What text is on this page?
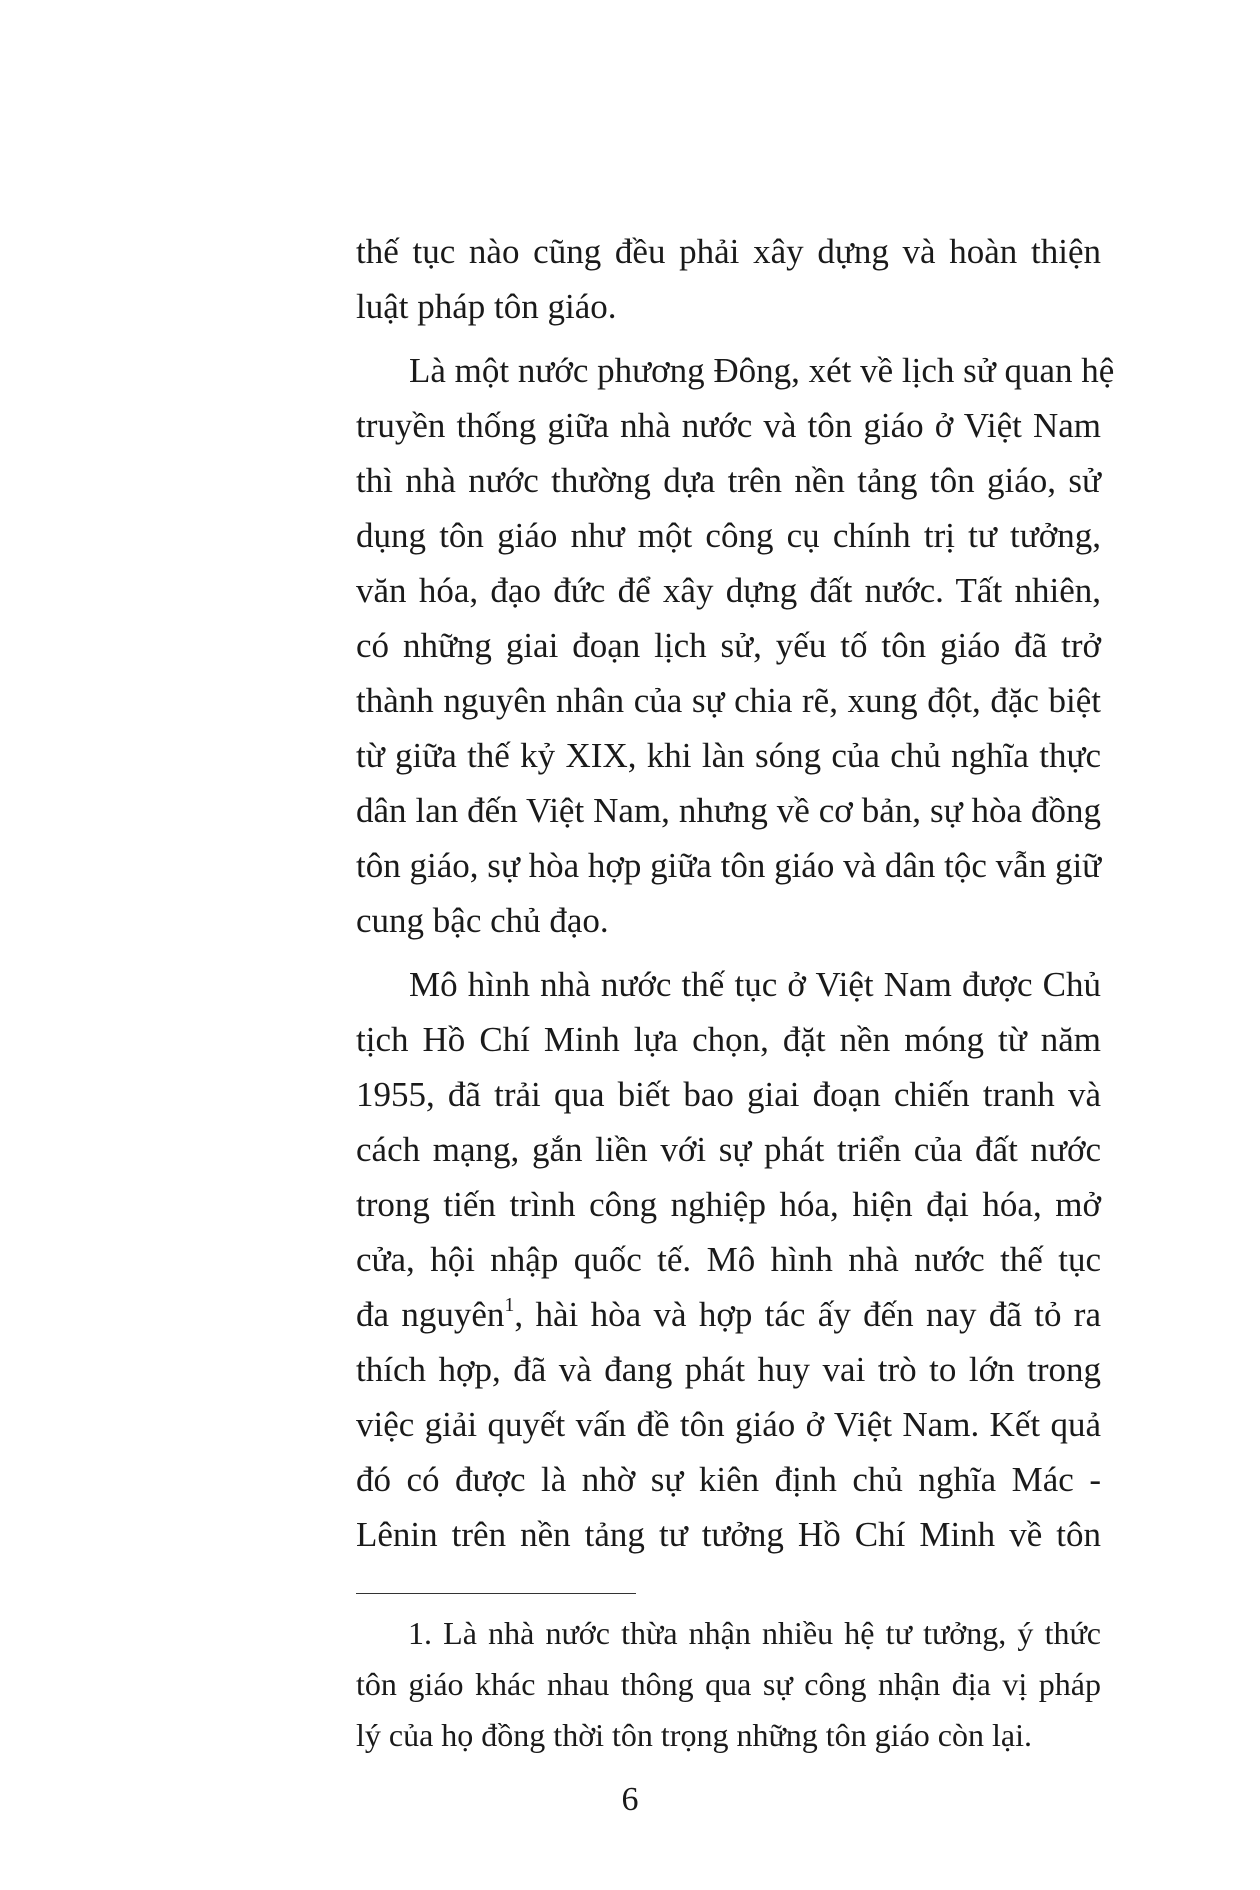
thế tục nào cũng đều phải xây dựng và hoàn thiện
luật pháp tôn giáo.
Là một nước phương Đông, xét về lịch sử quan hệ
truyền thống giữa nhà nước và tôn giáo ở Việt Nam
thì nhà nước thường dựa trên nền tảng tôn giáo, sử
dụng tôn giáo như một công cụ chính trị tư tưởng,
văn hóa, đạo đức để xây dựng đất nước. Tất nhiên,
có những giai đoạn lịch sử, yếu tố tôn giáo đã trở
thành nguyên nhân của sự chia rẽ, xung đột, đặc biệt
từ giữa thế kỷ XIX, khi làn sóng của chủ nghĩa thực
dân lan đến Việt Nam, nhưng về cơ bản, sự hòa đồng
tôn giáo, sự hòa hợp giữa tôn giáo và dân tộc vẫn giữ
cung bậc chủ đạo.
Mô hình nhà nước thế tục ở Việt Nam được Chủ
tịch Hồ Chí Minh lựa chọn, đặt nền móng từ năm
1955, đã trải qua biết bao giai đoạn chiến tranh và
cách mạng, gắn liền với sự phát triển của đất nước
trong tiến trình công nghiệp hóa, hiện đại hóa, mở
cửa, hội nhập quốc tế. Mô hình nhà nước thế tục
đa nguyên$^1$, hài hòa và hợp tác ấy đến nay đã tỏ ra
thích hợp, đã và đang phát huy vai trò to lớn trong
việc giải quyết vấn đề tôn giáo ở Việt Nam. Kết quả
đó có được là nhờ sự kiên định chủ nghĩa Mác -
Lênin trên nền tảng tư tưởng Hồ Chí Minh về tôn
1. Là nhà nước thừa nhận nhiều hệ tư tưởng, ý thức
tôn giáo khác nhau thông qua sự công nhận địa vị pháp
lý của họ đồng thời tôn trọng những tôn giáo còn lại.
6
